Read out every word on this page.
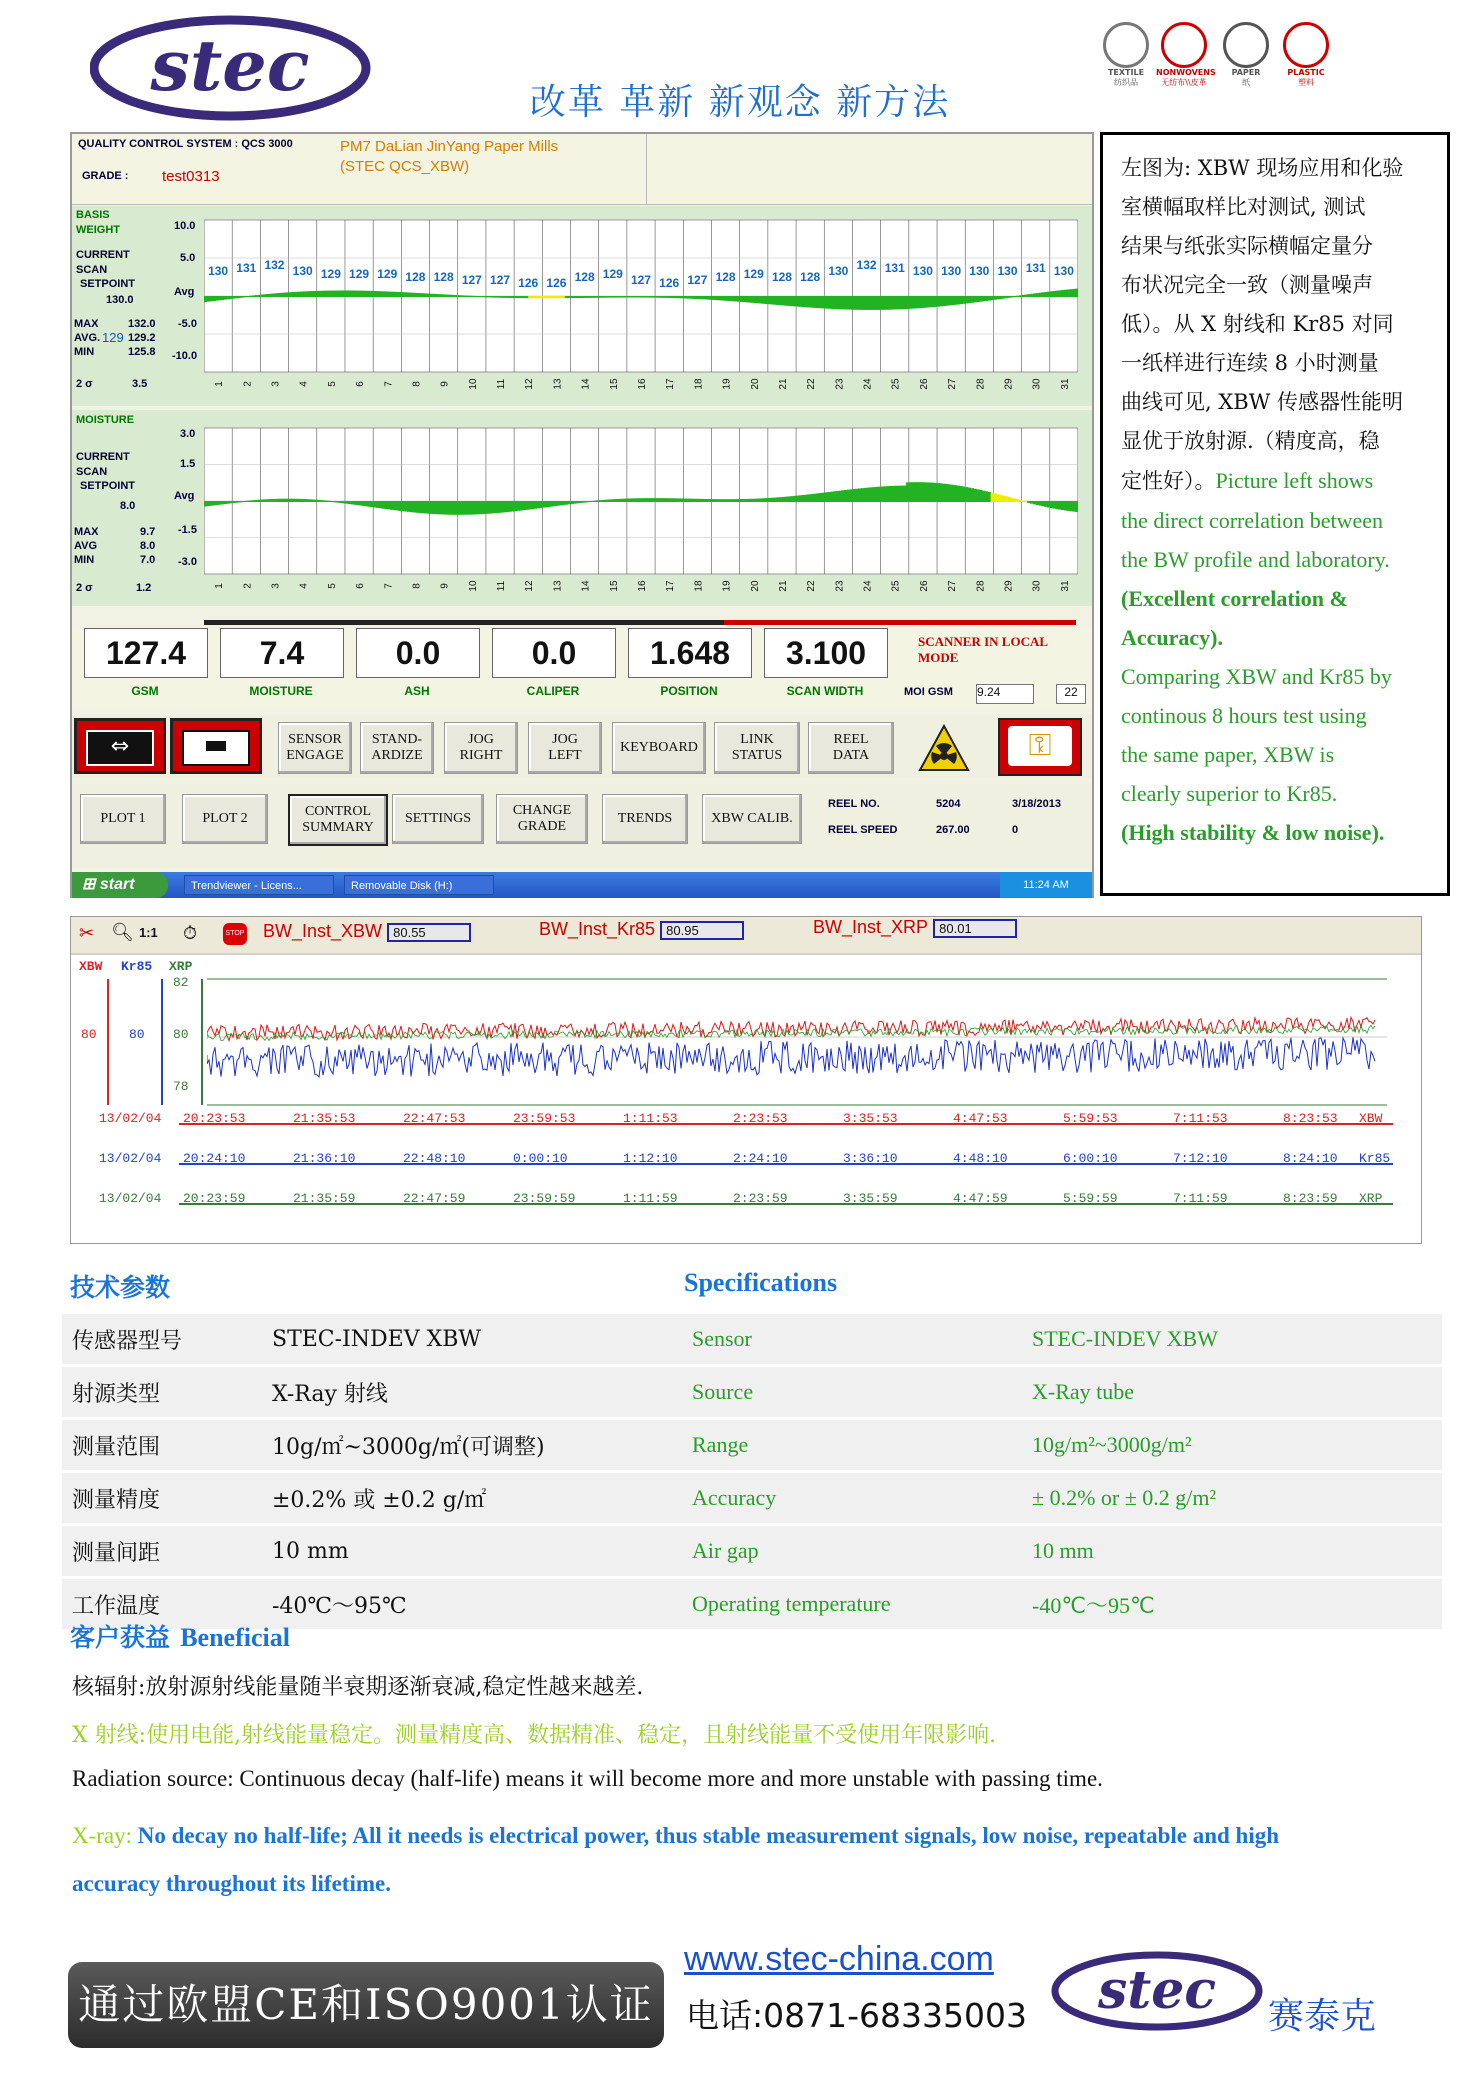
stec	改革 革新 新观念 新方法
TEXTILE
纺织品
NONWOVENS
无纺布\\皮革
PAPER
纸
PLASTIC
塑料
QUALITY CONTROL SYSTEM : QCS 3000	PM7 DaLian JinYang Paper Mills
(STEC QCS_XBW)
GRADE : test0313
BASIS
WEIGHT
CURRENT
SCAN
SETPOINT
130.0
MAX	132.0
AVG. 129 129.2
MIN	125.8
2 σ	3.5
10.0
5.0
Avg
-5.0
-10.0
1 2 3 4 5 6 7 8 9 10 11 12 13 14 15 16 17 18 19 20 21 22 23 24 25 26 27 28 29 30 31
130 131 132 130 129 129 129 128 128 127 127 126 126 128 129 127 126 127 128 129 128 128 130 132 131 130 130 130 130 131 130
MOISTURE
CURRENT
SCAN
SETPOINT
8.0
MAX	9.7
AVG	8.0
MIN	7.0
2 σ	1.2
3.0
1.5
Avg
-1.5
-3.0
1 2 3 4 5 6 7 8 9 10 11 12 13 14 15 16 17 18 19 20 21 22 23 24 25 26 27 28 29 30 31
127.4
GSM
7.4
MOISTURE
0.0
ASH
0.0
CALIPER
1.648
POSITION
3.100
SCAN WIDTH
SCANNER IN LOCAL
MODE
MOI GSM 9.24	22
⇔	SENSOR
ENGAGE
STAND-
ARDIZE
JOG
RIGHT
JOG
LEFT
KEYBOARD
LINK
STATUS
REEL
DATA	⚿
PLOT 1	PLOT 2	CONTROL
SUMMARY
SETTINGS
CHANGE
GRADE
TRENDS	XBW CALIB.
REEL NO.	5204	3/18/2013
REEL SPEED	267.00	0
⊞ start	Trendviewer - Licens...	Removable Disk (H:)	11:24 AM
左图为: XBW 现场应用和化验
室横幅取样比对测试, 测试
结果与纸张实际横幅定量分
布状况完全一致（测量噪声
低）。从 X 射线和 Kr85 对同
一纸样进行连续 8 小时测量
曲线可见, XBW 传感器性能明
显优于放射源.（精度高，稳
定性好）。Picture left shows
the direct correlation between
the BW profile and laboratory.
(Excellent correlation &
Accuracy).
Comparing XBW and Kr85 by
continous 8 hours test using
the same paper, XBW is
clearly superior to Kr85.
(High stability & low noise).
✂ 🔍︎ 1:1 ⏱	STOP BW_Inst_XBW 80.55	BW_Inst_Kr85 80.95	BW_Inst_XRP 80.01
XBW Kr85 XRP
80 80
82
80
78
13/02/04 20:23:53	21:35:53	22:47:53	23:59:53	1:11:53	2:23:53	3:35:53	4:47:53	5:59:53	7:11:53	8:23:53 XBW
13/02/04 20:24:10	21:36:10	22:48:10	0:00:10	1:12:10	2:24:10	3:36:10	4:48:10	6:00:10	7:12:10	8:24:10 Kr85
13/02/04 20:23:59	21:35:59	22:47:59	23:59:59	1:11:59	2:23:59	3:35:59	4:47:59	5:59:59	7:11:59	8:23:59 XRP
技术参数	Specifications
传感器型号	STEC-INDEV XBW	Sensor	STEC-INDEV XBW
射源类型	X-Ray 射线	Source	X-Ray tube
测量范围	10g/㎡~3000g/㎡(可调整)	Range	10g/m²~3000g/m²
测量精度	±0.2% 或 ±0.2 g/㎡	Accuracy	± 0.2% or ± 0.2 g/m²
测量间距	10 mm	Air gap	10 mm
工作温度	-40℃～95℃	Operating temperature	-40℃～95℃
客户获益 Beneficial
核辐射:放射源射线能量随半衰期逐渐衰减,稳定性越来越差.
X 射线:使用电能,射线能量稳定。测量精度高、数据精准、稳定，且射线能量不受使用年限影响.
Radiation source: Continuous decay (half-life) means it will become more and more unstable with passing time.
X-ray: No decay no half-life; All it needs is electrical power, thus stable measurement signals, low noise, repeatable and high
accuracy throughout its lifetime.
通过欧盟CE和ISO9001认证
www.stec-china.com
电话:0871-68335003 stec 赛泰克
